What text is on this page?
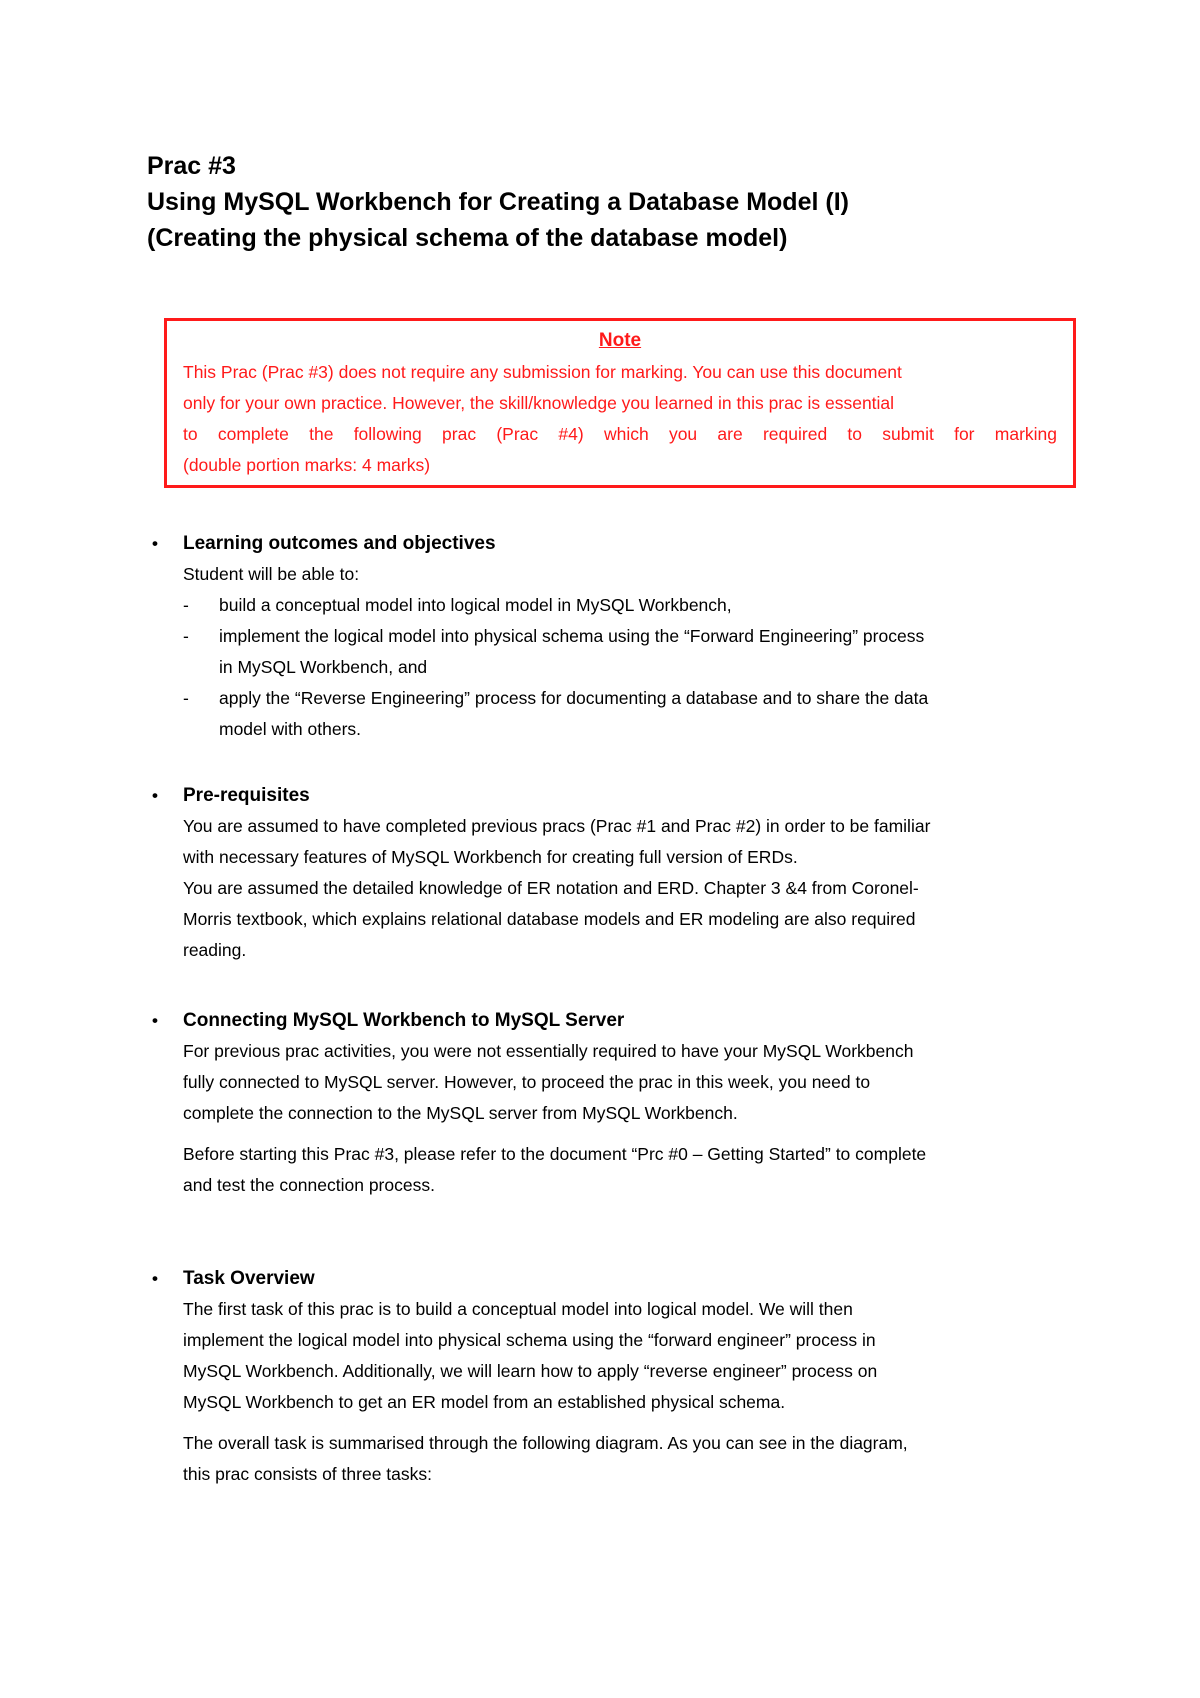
Prac #3
Using MySQL Workbench for Creating a Database Model (I)
(Creating the physical schema of the database model)
Note
This Prac (Prac #3) does not require any submission for marking. You can use this document
only for your own practice. However, the skill/knowledge you learned in this prac is essential
to complete the following prac (Prac #4) which you are required to submit for marking
(double portion marks: 4 marks)
• Learning outcomes and objectives
Student will be able to:
- build a conceptual model into logical model in MySQL Workbench,
- implement the logical model into physical schema using the “Forward Engineering” process
in MySQL Workbench, and
- apply the “Reverse Engineering” process for documenting a database and to share the data
model with others.
• Pre-requisites
You are assumed to have completed previous pracs (Prac #1 and Prac #2) in order to be familiar
with necessary features of MySQL Workbench for creating full version of ERDs.
You are assumed the detailed knowledge of ER notation and ERD. Chapter 3 &4 from Coronel-
Morris textbook, which explains relational database models and ER modeling are also required
reading.
• Connecting MySQL Workbench to MySQL Server
For previous prac activities, you were not essentially required to have your MySQL Workbench
fully connected to MySQL server. However, to proceed the prac in this week, you need to
complete the connection to the MySQL server from MySQL Workbench.
Before starting this Prac #3, please refer to the document “Prc #0 – Getting Started” to complete
and test the connection process.
• Task Overview
The first task of this prac is to build a conceptual model into logical model. We will then
implement the logical model into physical schema using the “forward engineer” process in
MySQL Workbench. Additionally, we will learn how to apply “reverse engineer” process on
MySQL Workbench to get an ER model from an established physical schema.
The overall task is summarised through the following diagram. As you can see in the diagram,
this prac consists of three tasks:
